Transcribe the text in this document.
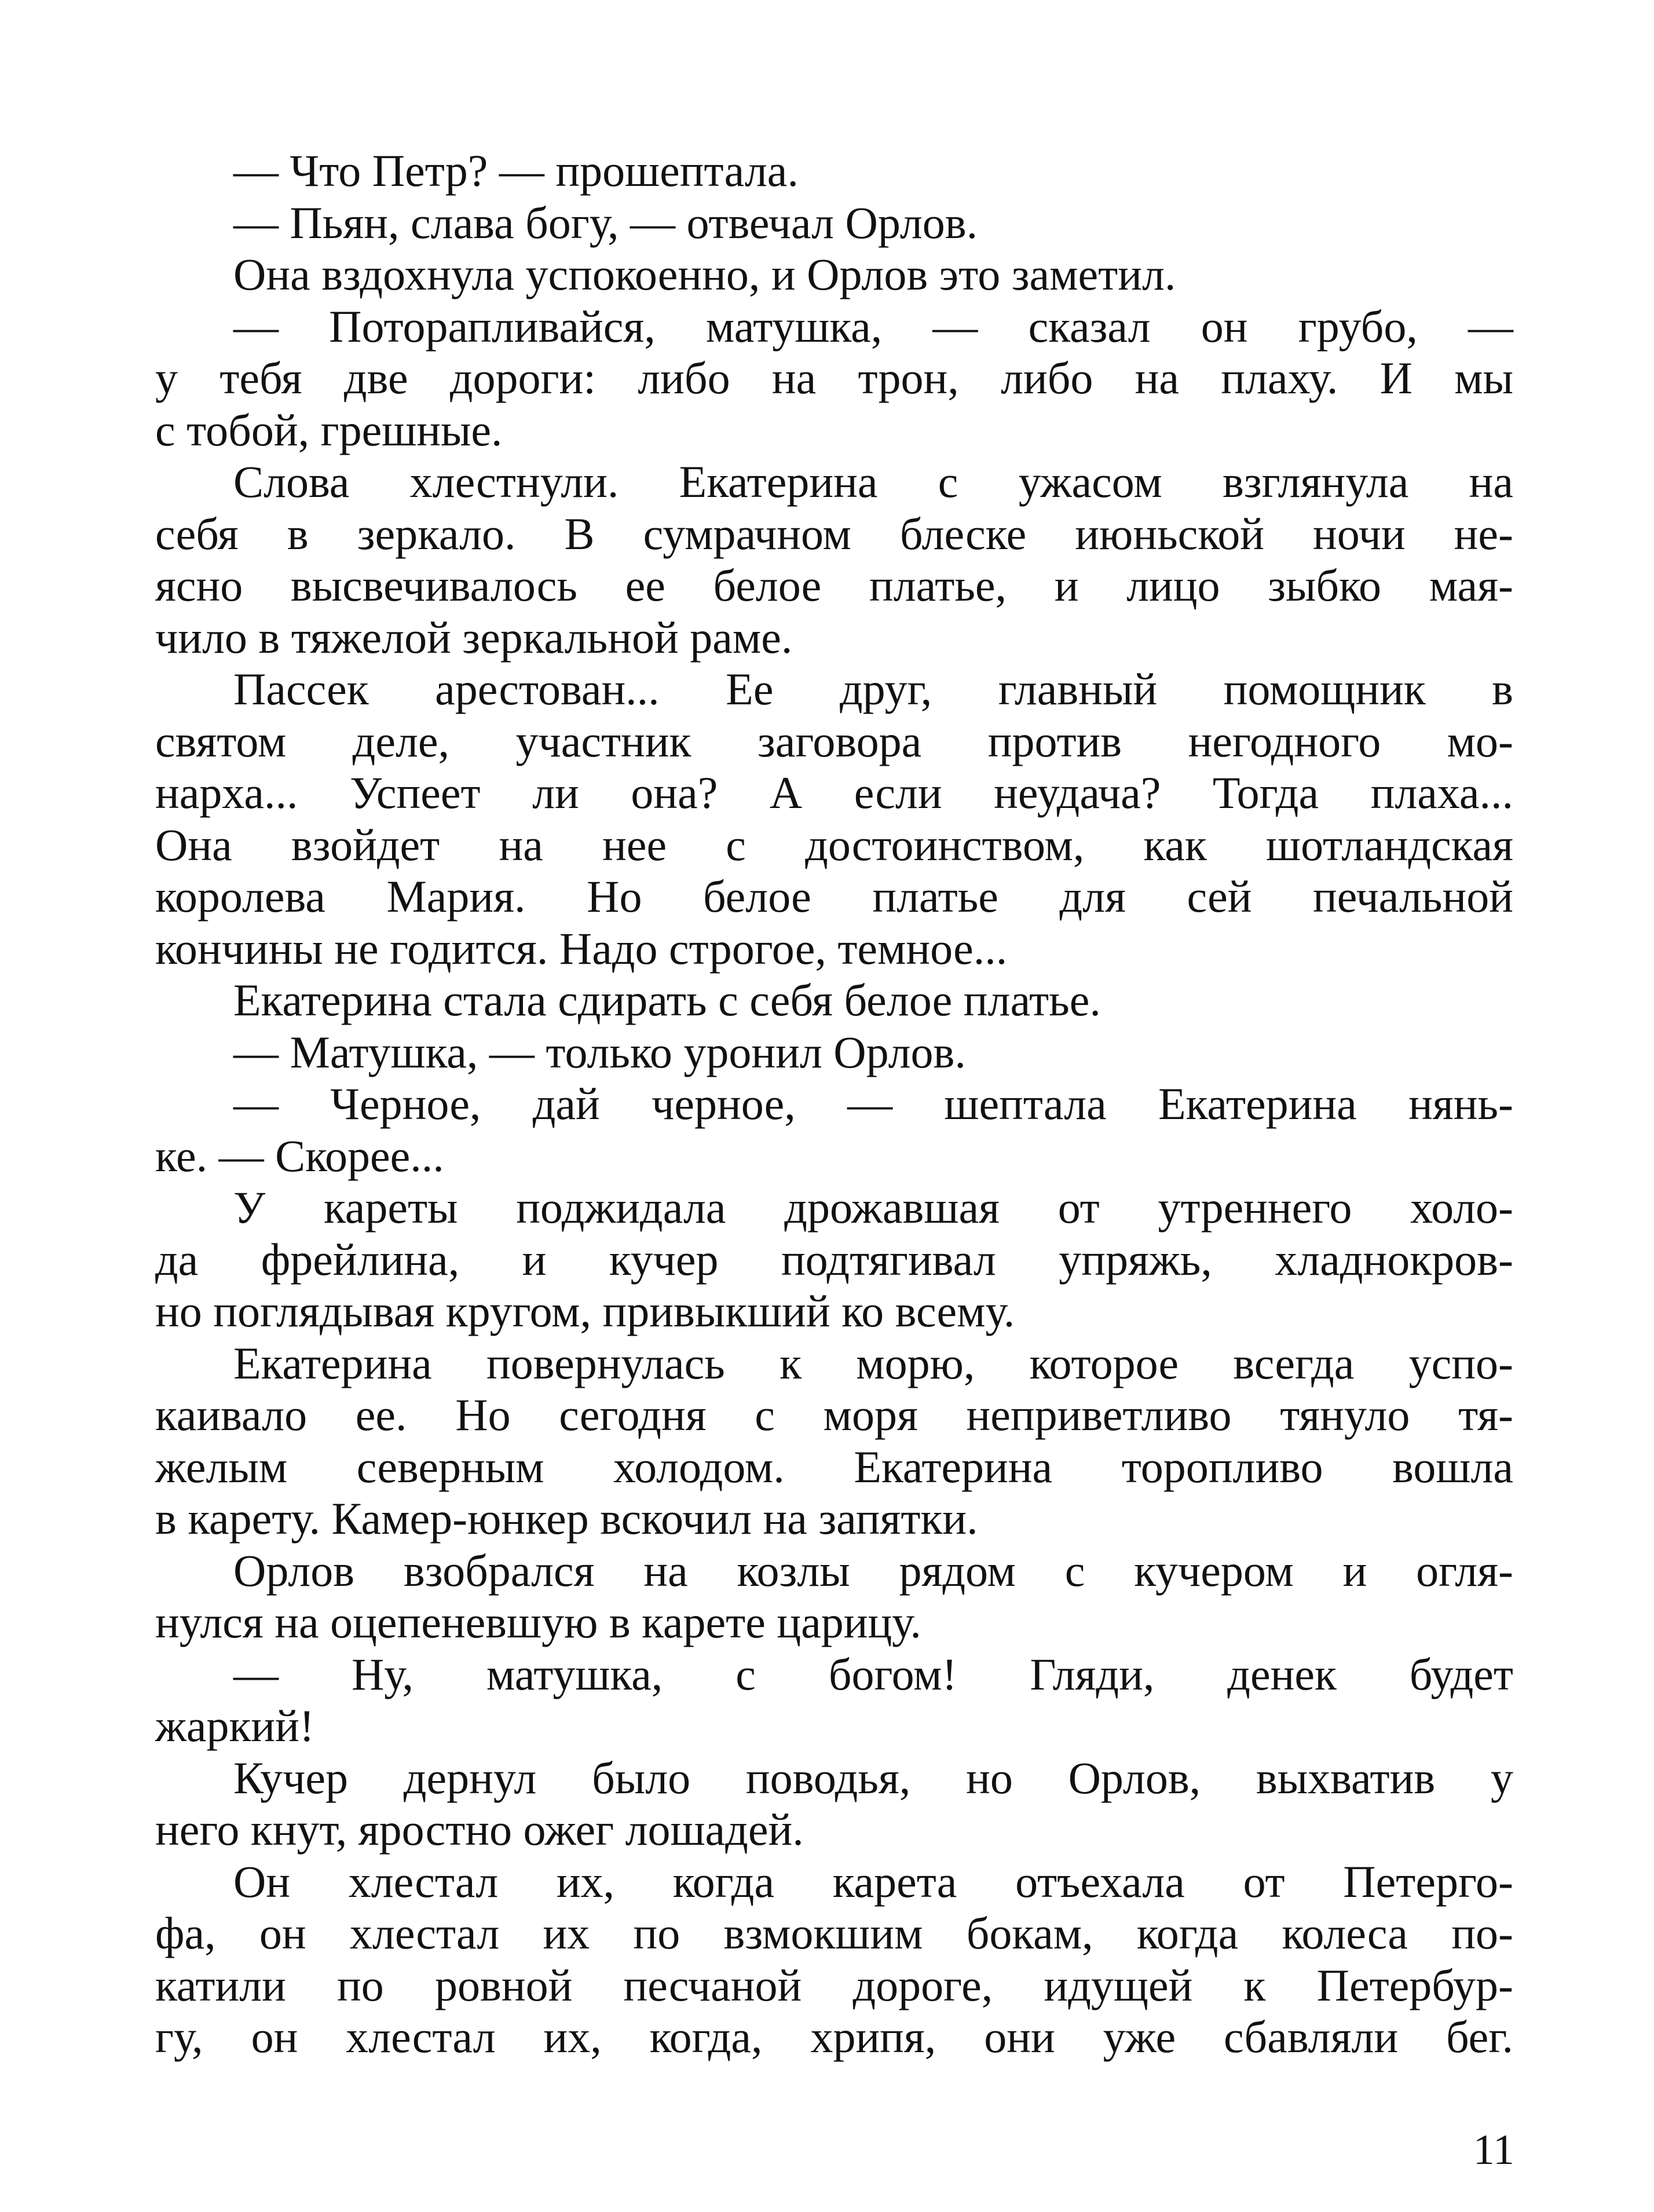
— Что Петр? — прошептала.
— Пьян, слава богу, — отвечал Орлов.
Она вздохнула успокоенно, и Орлов это заметил.
— Поторапливайся, матушка, — сказал он грубо, —
у тебя две дороги: либо на трон, либо на плаху. И мы
с тобой, грешные.
Слова хлестнули. Екатерина с ужасом взглянула на
себя в зеркало. В сумрачном блеске июньской ночи не-
ясно высвечивалось ее белое платье, и лицо зыбко мая-
чило в тяжелой зеркальной раме.
Пассек арестован... Ее друг, главный помощник в
святом деле, участник заговора против негодного мо-
нарха... Успеет ли она? А если неудача? Тогда плаха...
Она взойдет на нее с достоинством, как шотландская
королева Мария. Но белое платье для сей печальной
кончины не годится. Надо строгое, темное...
Екатерина стала сдирать с себя белое платье.
— Матушка, — только уронил Орлов.
— Черное, дай черное, — шептала Екатерина нянь-
ке. — Скорее...
У кареты поджидала дрожавшая от утреннего холо-
да фрейлина, и кучер подтягивал упряжь, хладнокров-
но поглядывая кругом, привыкший ко всему.
Екатерина повернулась к морю, которое всегда успо-
каивало ее. Но сегодня с моря неприветливо тянуло тя-
желым северным холодом. Екатерина торопливо вошла
в карету. Камер-юнкер вскочил на запятки.
Орлов взобрался на козлы рядом с кучером и огля-
нулся на оцепеневшую в карете царицу.
— Ну, матушка, с богом! Гляди, денек будет
жаркий!
Кучер дернул было поводья, но Орлов, выхватив у
него кнут, яростно ожег лошадей.
Он хлестал их, когда карета отъехала от Петерго-
фа, он хлестал их по взмокшим бокам, когда колеса по-
катили по ровной песчаной дороге, идущей к Петербур-
гу, он хлестал их, когда, хрипя, они уже сбавляли бег.
11
